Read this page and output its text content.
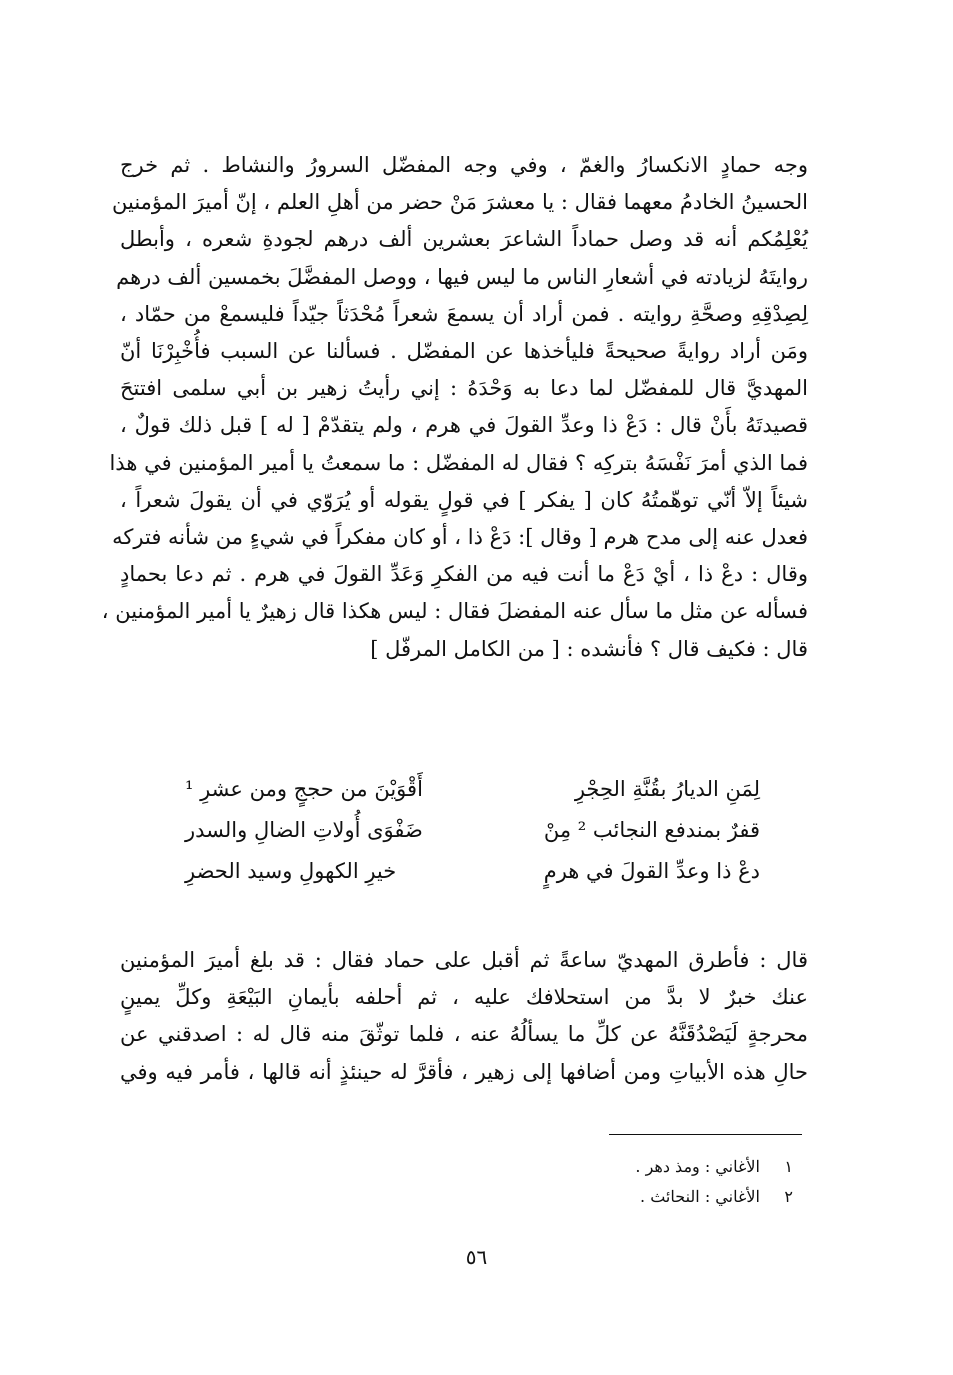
وجه حمادٍ الانكسارُ والغمّ ، وفي وجه المفضّل السرورُ والنشاط . ثم خرج

الحسينُ الخادمُ معهما فقال : يا معشرَ مَنْ حضر من أهلِ العلم ، إنّ أميرَ المؤمنين

يُعْلِمُكم أنه قد وصل حماداً الشاعرَ بعشرين ألف درهم لجودةِ شعره ، وأبطل

روايتَهُ لزيادته في أشعارِ الناس ما ليس فيها ، ووصل المفضَّلَ بخمسين ألف درهم

لِصِدْقِهِ وصحَّةِ روايته . فمن أراد أن يسمعَ شعراً مُحْدَثاً جيّداً فليسمعْ من حمّاد ،

ومَن أراد روايةً صحيحةً فليأخذها عن المفضّل . فسألنا عن السبب فأُخْبِرْنَا أنّ

المهديَّ قال للمفضّل لما دعا به وَحْدَهُ : إني رأيتُ زهير بن أبي سلمى افتتحَ

قصيدتَهُ بأَنْ قال : دَعْ ذا وعدِّ القولَ في هرم ، ولم يتقدّمْ [ له ] قبل ذلك قولٌ ،

فما الذي أمرَ نَفْسَهُ بتركِه ؟ فقال له المفضّل : ما سمعتُ يا أمير المؤمنين في هذا

شيئاً إلاّ أنّي توهّمتُهُ كان [ يفكر ] في قولٍ يقوله أو يُرَوّي في أن يقولَ شعراً ،

فعدل عنه إلى مدح هرم [ وقال ]: دَعْ ذا ، أو كان مفكراً في شيءٍ من شأنه فتركه

وقال : دعْ ذا ، أيْ دَعْ ما أنت فيه من الفكرِ وَعَدِّ القولَ في هرم . ثم دعا بحمادٍ

فسأله عن مثل ما سأل عنه المفضلَ فقال : ليس هكذا قال زهيرٌ يا أمير المؤمنين ،

قال : فكيف قال ؟ فأنشده : [ من الكامل المرفّل ]

لِمَنِ الديارُ بقُنَّةِ الحِجْرِ
أَقْوَيْنَ من حججٍ ومن عشرِ ¹
قفرٌ بمندفع النجائب ² مِنْ
ضَفْوَى أُولاتِ الضالِ والسدر
دعْ ذا وعدِّ القولَ في هرمٍ
خيرِ الكهولِ وسيد الحضرِ

قال : فأطرق المهديّ ساعةً ثم أقبل على حماد فقال : قد بلغ أميرَ المؤمنين

عنك خبرٌ لا بدَّ من استحلافك عليه ، ثم أحلفه بأيمانِ البَيْعَةِ وكلِّ يمينٍ

محرجةٍ لَيَصْدُقَنَّهُ عن كلِّ ما يسألُهُ عنه ، فلما توثّقَ منه قال له : اصدقني عن

حالِ هذه الأبياتِ ومن أضافها إلى زهير ، فأقرَّ له حينئذٍ أنه قالها ، فأمر فيه وفي

١ الأغاني : ومذ دهر .
٢ الأغاني : النحائث .
٥٦
